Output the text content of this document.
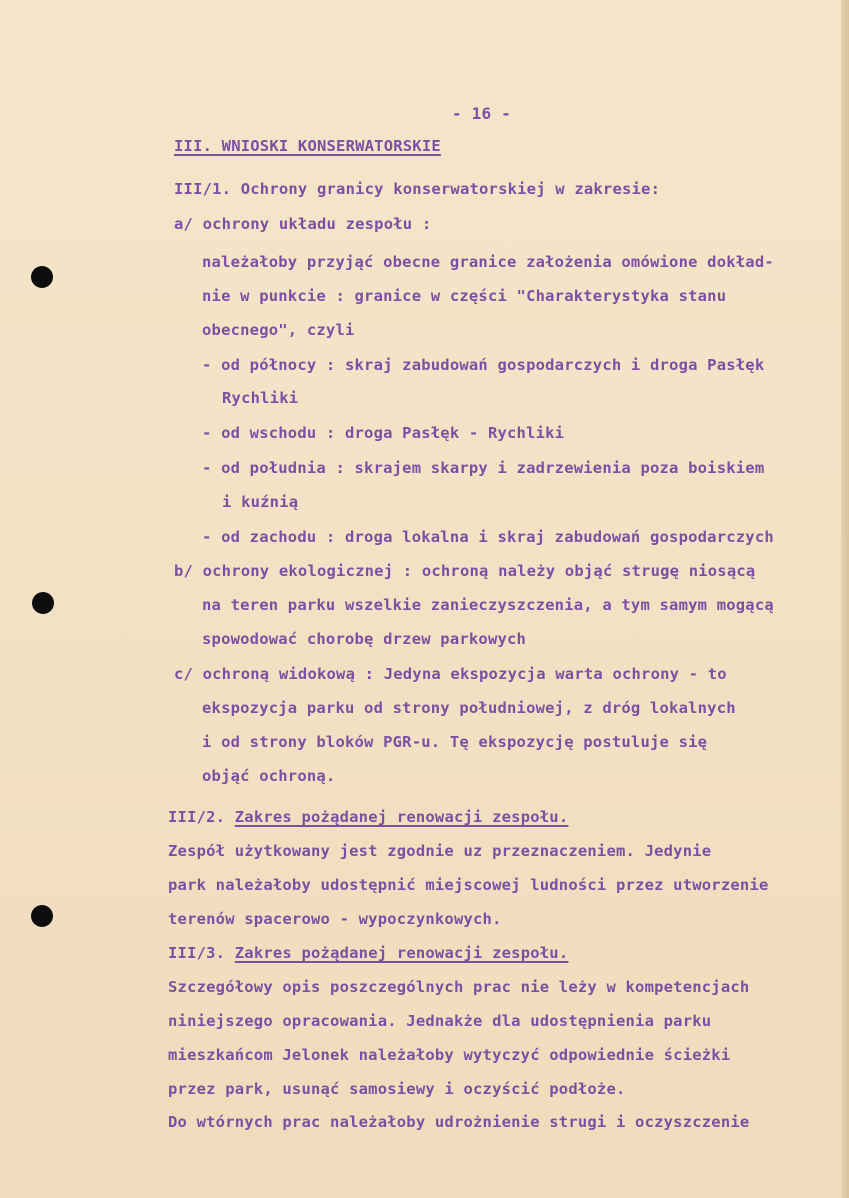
- 16 -
III. WNIOSKI KONSERWATORSKIE
III/1. Ochrony granicy konserwatorskiej w zakresie:
a/ ochrony układu zespołu :
należałoby przyjąć obecne granice założenia omówione dokład-
nie w punkcie : granice w części "Charakterystyka stanu
obecnego", czyli
- od północy : skraj zabudowań gospodarczych i droga Pasłęk
Rychliki
- od wschodu : droga Pasłęk - Rychliki
- od południa : skrajem skarpy i zadrzewienia poza boiskiem
i kuźnią
- od zachodu : droga lokalna i skraj zabudowań gospodarczych
b/ ochrony ekologicznej : ochroną należy objąć strugę niosącą
na teren parku wszelkie zanieczyszczenia, a tym samym mogącą
spowodować chorobę drzew parkowych
c/ ochroną widokową : Jedyna ekspozycja warta ochrony - to
ekspozycja parku od strony południowej, z dróg lokalnych
i od strony bloków PGR-u. Tę ekspozycję postuluje się
objąć ochroną.
III/2. Zakres pożądanej renowacji zespołu.
Zespół użytkowany jest zgodnie uz przeznaczeniem. Jedynie
park należałoby udostępnić miejscowej ludności przez utworzenie
terenów spacerowo - wypoczynkowych.
III/3. Zakres pożądanej renowacji zespołu.
Szczegółowy opis poszczególnych prac nie leży w kompetencjach
niniejszego opracowania. Jednakże dla udostępnienia parku
mieszkańcom Jelonek należałoby wytyczyć odpowiednie ścieżki
przez park, usunąć samosiewy i oczyścić podłoże.
Do wtórnych prac należałoby udrożnienie strugi i oczyszczenie
